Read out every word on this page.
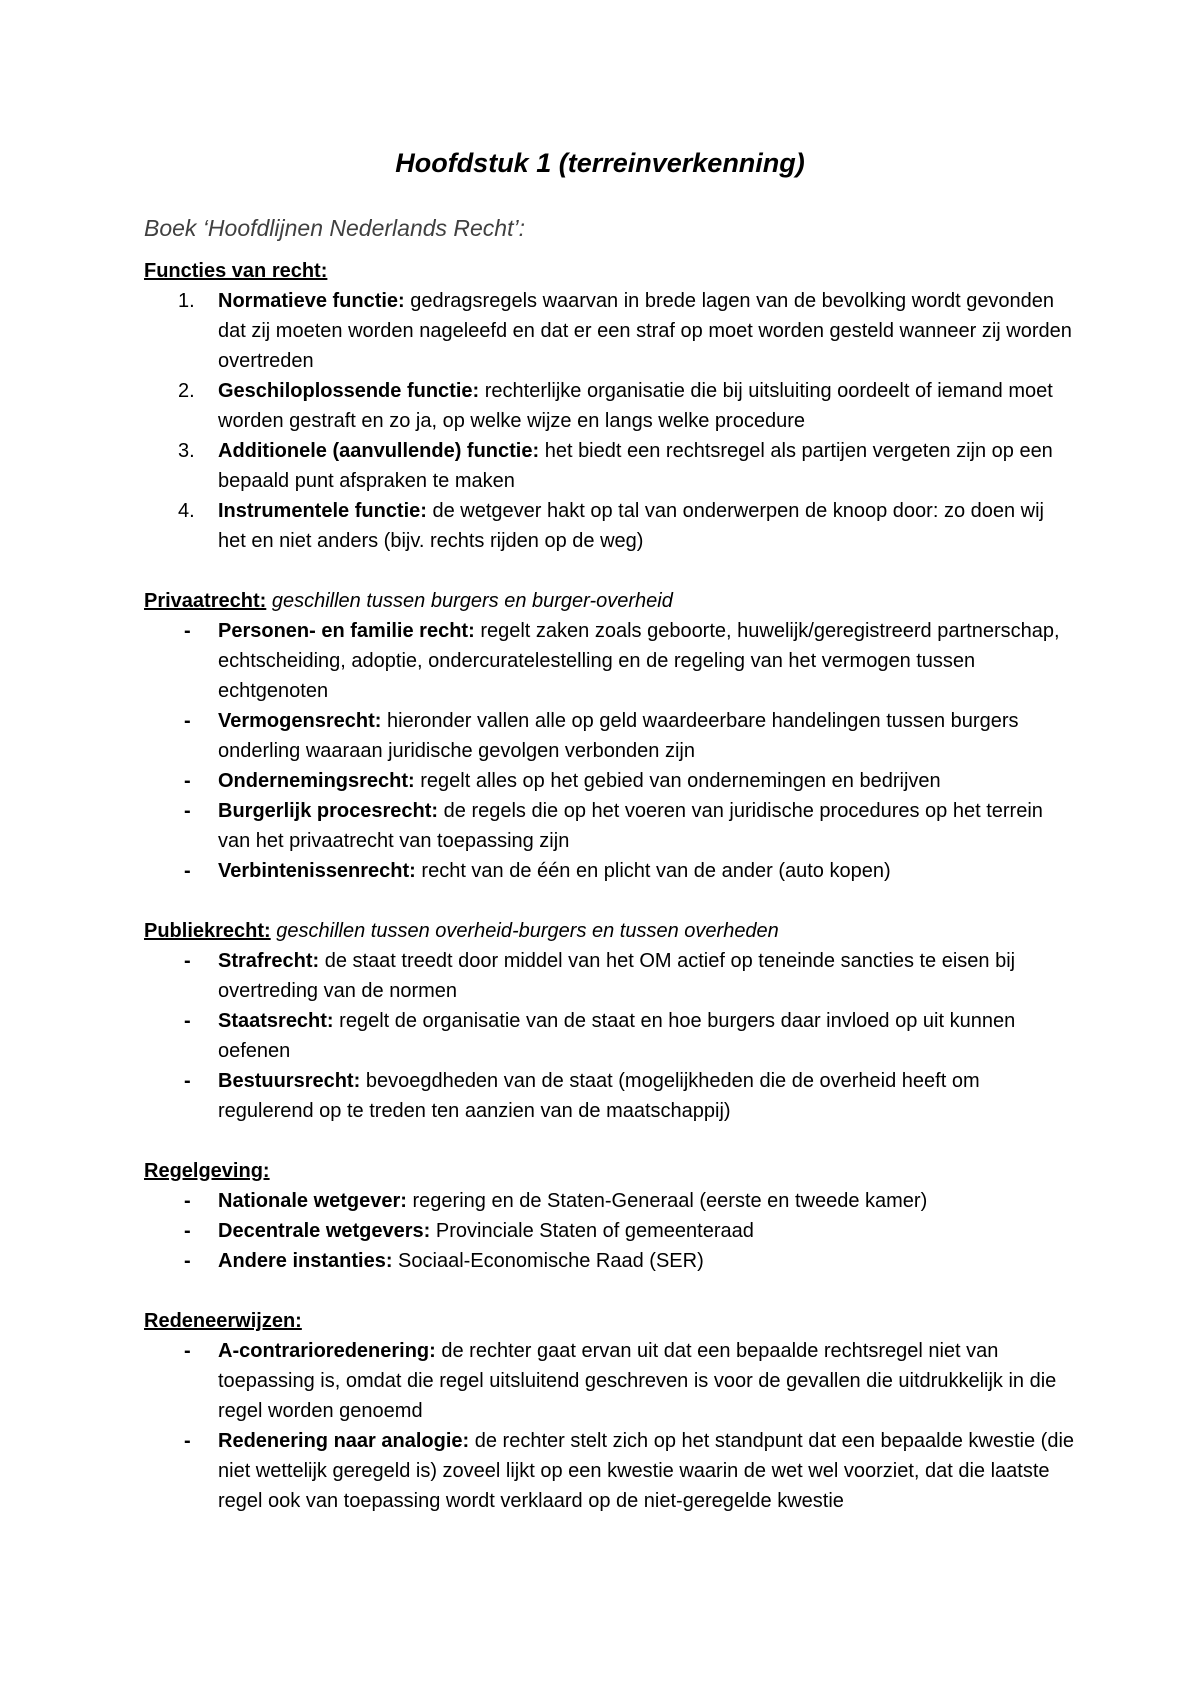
Hoofdstuk 1 (terreinverkenning)
Boek ‘Hoofdlijnen Nederlands Recht’:
Functies van recht:
1. Normatieve functie: gedragsregels waarvan in brede lagen van de bevolking wordt gevonden dat zij moeten worden nageleefd en dat er een straf op moet worden gesteld wanneer zij worden overtreden
2. Geschiloplossende functie: rechterlijke organisatie die bij uitsluiting oordeelt of iemand moet worden gestraft en zo ja, op welke wijze en langs welke procedure
3. Additionele (aanvullende) functie: het biedt een rechtsregel als partijen vergeten zijn op een bepaald punt afspraken te maken
4. Instrumentele functie: de wetgever hakt op tal van onderwerpen de knoop door: zo doen wij het en niet anders (bijv. rechts rijden op de weg)
Privaatrecht: geschillen tussen burgers en burger-overheid
- Personen- en familie recht: regelt zaken zoals geboorte, huwelijk/geregistreerd partnerschap, echtscheiding, adoptie, ondercuratelestelling en de regeling van het vermogen tussen echtgenoten
- Vermogensrecht: hieronder vallen alle op geld waardeerbare handelingen tussen burgers onderling waaraan juridische gevolgen verbonden zijn
- Ondernemingsrecht: regelt alles op het gebied van ondernemingen en bedrijven
- Burgerlijk procesrecht: de regels die op het voeren van juridische procedures op het terrein van het privaatrecht van toepassing zijn
- Verbintenissenrecht: recht van de één en plicht van de ander (auto kopen)
Publiekrecht: geschillen tussen overheid-burgers en tussen overheden
- Strafrecht: de staat treedt door middel van het OM actief op teneinde sancties te eisen bij overtreding van de normen
- Staatsrecht: regelt de organisatie van de staat en hoe burgers daar invloed op uit kunnen oefenen
- Bestuursrecht: bevoegdheden van de staat (mogelijkheden die de overheid heeft om regulerend op te treden ten aanzien van de maatschappij)
Regelgeving:
- Nationale wetgever: regering en de Staten-Generaal (eerste en tweede kamer)
- Decentrale wetgevers: Provinciale Staten of gemeenteraad
- Andere instanties: Sociaal-Economische Raad (SER)
Redeneerwijzen:
- A-contrarioredenering: de rechter gaat ervan uit dat een bepaalde rechtsregel niet van toepassing is, omdat die regel uitsluitend geschreven is voor de gevallen die uitdrukkelijk in die regel worden genoemd
- Redenering naar analogie: de rechter stelt zich op het standpunt dat een bepaalde kwestie (die niet wettelijk geregeld is) zoveel lijkt op een kwestie waarin de wet wel voorziet, dat die laatste regel ook van toepassing wordt verklaard op de niet-geregelde kwestie
